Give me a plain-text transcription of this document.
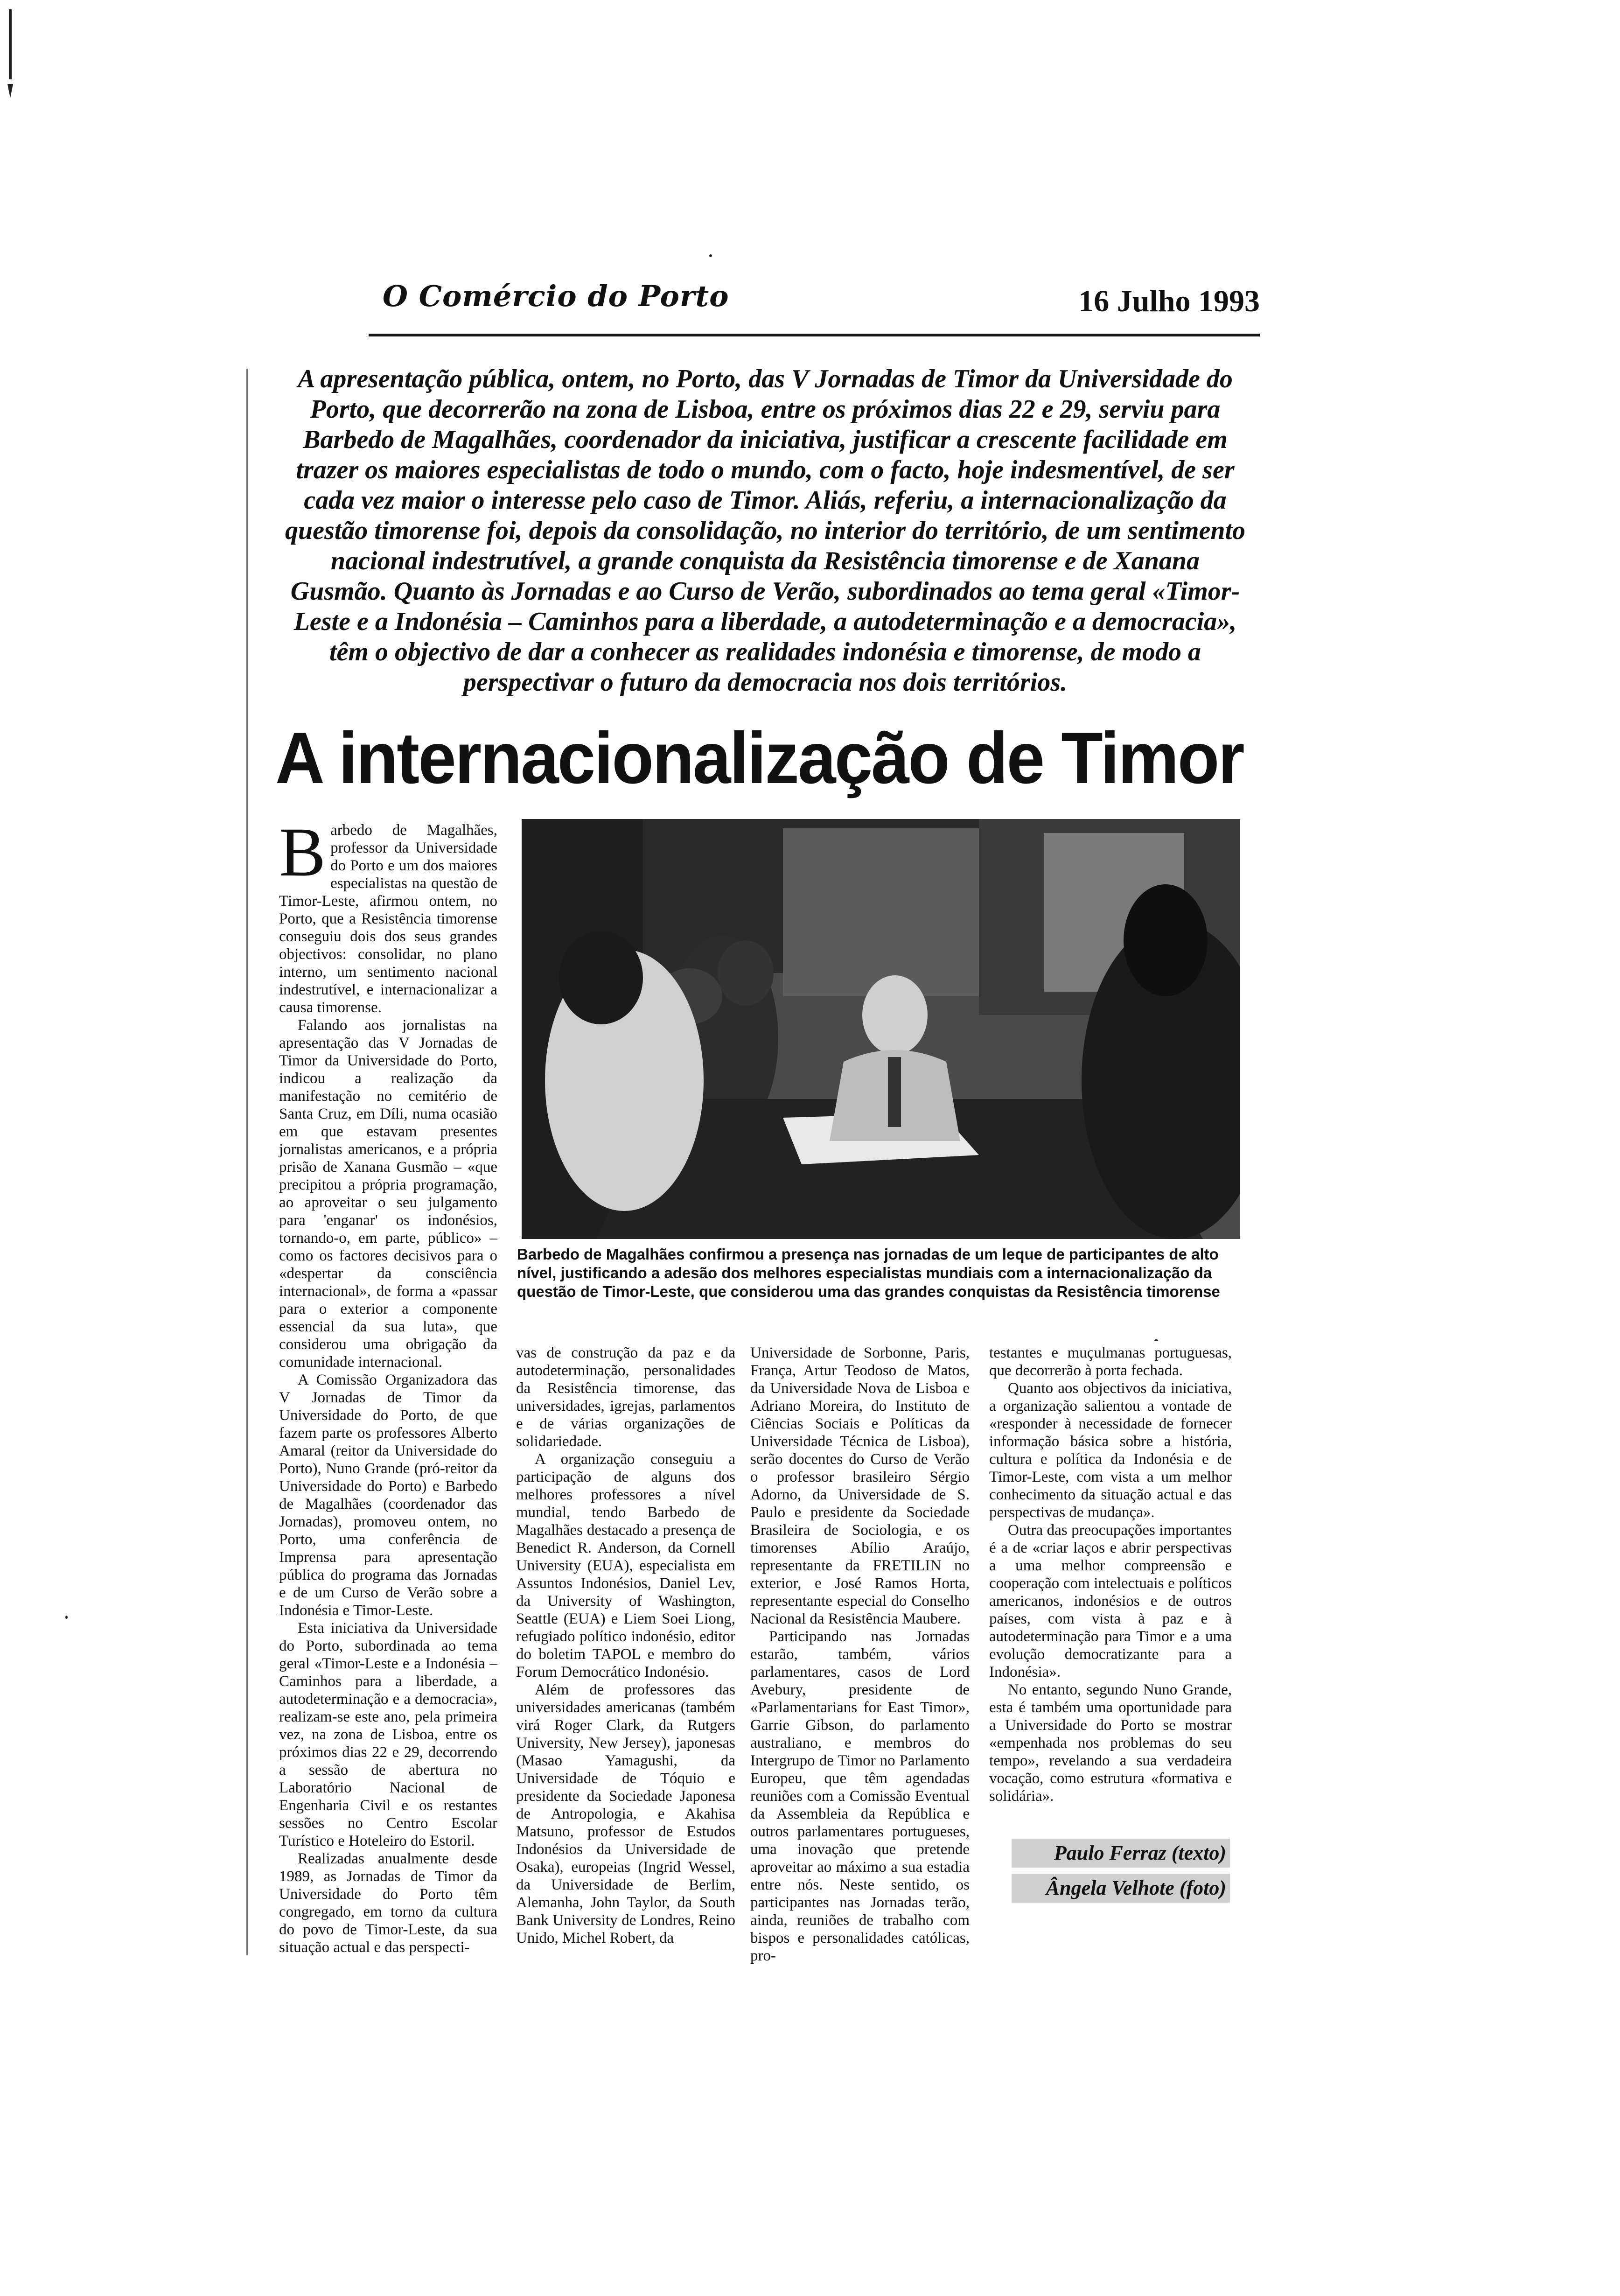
O Comércio do Porto	16 Julho 1993

A apresentação pública, ontem, no Porto, das V Jornadas de Timor da Universidade do Porto, que decorrerão na zona de Lisboa, entre os próximos dias 22 e 29, serviu para Barbedo de Magalhães, coordenador da iniciativa, justificar a crescente facilidade em trazer os maiores especialistas de todo o mundo, com o facto, hoje indesmentível, de ser cada vez maior o interesse pelo caso de Timor. Aliás, referiu, a internacionalização da questão timorense foi, depois da consolidação, no interior do território, de um sentimento nacional indestrutível, a grande conquista da Resistência timorense e de Xanana Gusmão. Quanto às Jornadas e ao Curso de Verão, subordinados ao tema geral «Timor-Leste e a Indonésia – Caminhos para a liberdade, a autodeterminação e a democracia», têm o objectivo de dar a conhecer as realidades indonésia e timorense, de modo a perspectivar o futuro da democracia nos dois territórios.

A internacionalização de Timor

Barbedo de Magalhães, professor da Universidade do Porto e um dos maiores especialistas na questão de Timor-Leste, afirmou ontem, no Porto, que a Resistência timorense conseguiu dois dos seus grandes objectivos: consolidar, no plano interno, um sentimento nacional indestrutível, e internacionalizar a causa timorense.

Falando aos jornalistas na apresentação das V Jornadas de Timor da Universidade do Porto, indicou a realização da manifestação no cemitério de Santa Cruz, em Díli, numa ocasião em que estavam presentes jornalistas americanos, e a própria prisão de Xanana Gusmão – «que precipitou a própria programação, ao aproveitar o seu julgamento para 'enganar' os indonésios, tornando-o, em parte, público» – como os factores decisivos para o «despertar da consciência internacional», de forma a «passar para o exterior a componente essencial da sua luta», que considerou uma obrigação da comunidade internacional.

A Comissão Organizadora das V Jornadas de Timor da Universidade do Porto, de que fazem parte os professores Alberto Amaral (reitor da Universidade do Porto), Nuno Grande (pró-reitor da Universidade do Porto) e Barbedo de Magalhães (coordenador das Jornadas), promoveu ontem, no Porto, uma conferência de Imprensa para apresentação pública do programa das Jornadas e de um Curso de Verão sobre a Indonésia e Timor-Leste.

Esta iniciativa da Universidade do Porto, subordinada ao tema geral «Timor-Leste e a Indonésia – Caminhos para a liberdade, a autodeterminação e a democracia», realizam-se este ano, pela primeira vez, na zona de Lisboa, entre os próximos dias 22 e 29, decorrendo a sessão de abertura no Laboratório Nacional de Engenharia Civil e os restantes sessões no Centro Escolar Turístico e Hoteleiro do Estoril.

Realizadas anualmente desde 1989, as Jornadas de Timor da Universidade do Porto têm congregado, em torno da cultura do povo de Timor-Leste, da sua situação actual e das perspecti-

Barbedo de Magalhães confirmou a presença nas jornadas de um leque de participantes de alto nível, justificando a adesão dos melhores especialistas mundiais com a internacionalização da questão de Timor-Leste, que considerou uma das grandes conquistas da Resistência timorense

vas de construção da paz e da autodeterminação, personalidades da Resistência timorense, das universidades, igrejas, parlamentos e de várias organizações de solidariedade.

A organização conseguiu a participação de alguns dos melhores professores a nível mundial, tendo Barbedo de Magalhães destacado a presença de Benedict R. Anderson, da Cornell University (EUA), especialista em Assuntos Indonésios, Daniel Lev, da University of Washington, Seattle (EUA) e Liem Soei Liong, refugiado político indonésio, editor do boletim TAPOL e membro do Forum Democrático Indonésio.

Além de professores das universidades americanas (também virá Roger Clark, da Rutgers University, New Jersey), japonesas (Masao Yamagushi, da Universidade de Tóquio e presidente da Sociedade Japonesa de Antropologia, e Akahisa Matsuno, professor de Estudos Indonésios da Universidade de Osaka), europeias (Ingrid Wessel, da Universidade de Berlim, Alemanha, John Taylor, da South Bank University de Londres, Reino Unido, Michel Robert, da

Universidade de Sorbonne, Paris, França, Artur Teodoso de Matos, da Universidade Nova de Lisboa e Adriano Moreira, do Instituto de Ciências Sociais e Políticas da Universidade Técnica de Lisboa), serão docentes do Curso de Verão o professor brasileiro Sérgio Adorno, da Universidade de S. Paulo e presidente da Sociedade Brasileira de Sociologia, e os timorenses Abílio Araújo, representante da FRETILIN no exterior, e José Ramos Horta, representante especial do Conselho Nacional da Resistência Maubere.

Participando nas Jornadas estarão, também, vários parlamentares, casos de Lord Avebury, presidente de «Parlamentarians for East Timor», Garrie Gibson, do parlamento australiano, e membros do Intergrupo de Timor no Parlamento Europeu, que têm agendadas reuniões com a Comissão Eventual da Assembleia da República e outros parlamentares portugueses, uma inovação que pretende aproveitar ao máximo a sua estadia entre nós. Neste sentido, os participantes nas Jornadas terão, ainda, reuniões de trabalho com bispos e personalidades católicas, pro-

testantes e muçulmanas portuguesas, que decorrerão à porta fechada.

Quanto aos objectivos da iniciativa, a organização salientou a vontade de «responder à necessidade de fornecer informação básica sobre a história, cultura e política da Indonésia e de Timor-Leste, com vista a um melhor conhecimento da situação actual e das perspectivas de mudança».

Outra das preocupações importantes é a de «criar laços e abrir perspectivas a uma melhor compreensão e cooperação com intelectuais e políticos americanos, indonésios e de outros países, com vista à paz e à autodeterminação para Timor e a uma evolução democratizante para a Indonésia».

No entanto, segundo Nuno Grande, esta é também uma oportunidade para a Universidade do Porto se mostrar «empenhada nos problemas do seu tempo», revelando a sua verdadeira vocação, como estrutura «formativa e solidária».

Paulo Ferraz (texto)
Ângela Velhote (foto)
